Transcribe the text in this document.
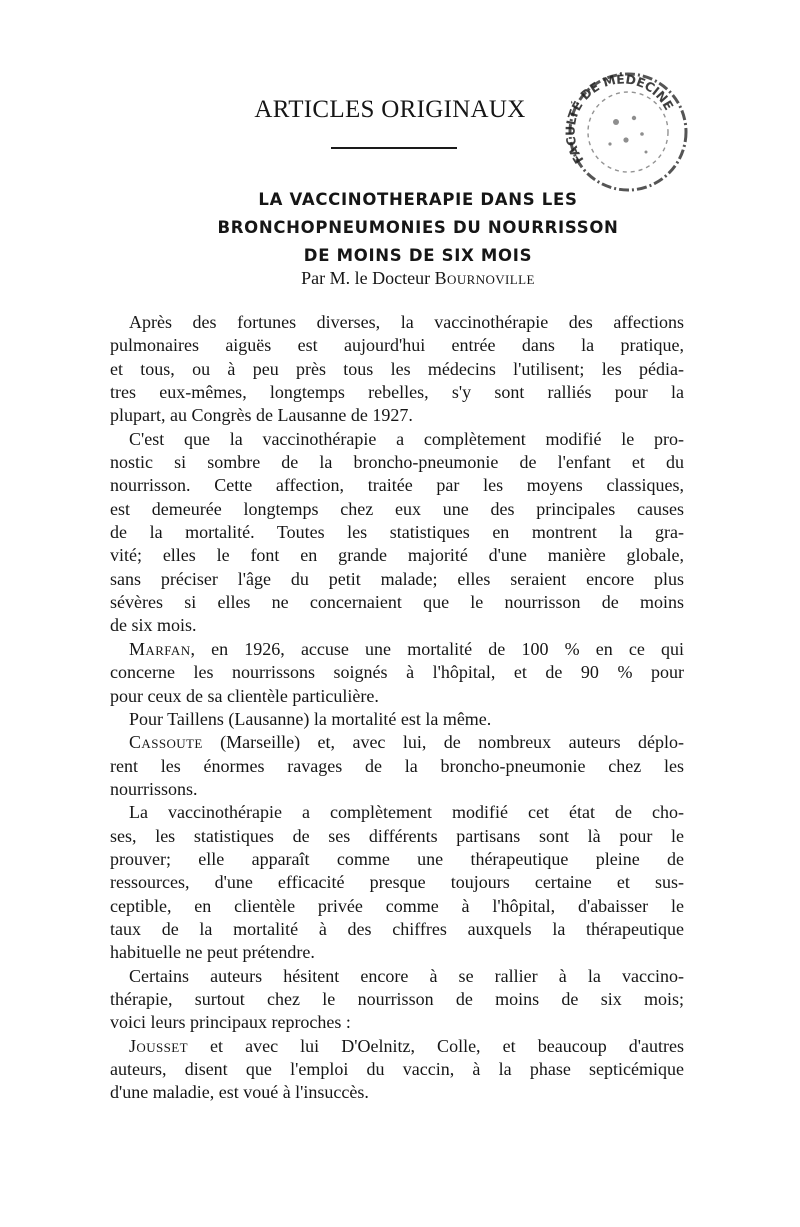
ARTICLES ORIGINAUX
FACULTÉ DE MÉDECINE
LA VACCINOTHERAPIE DANS LES
BRONCHOPNEUMONIES DU NOURRISSON
DE MOINS DE SIX MOIS
Par M. le Docteur Bournoville
Après des fortunes diverses, la vaccinothérapie des affections
pulmonaires aiguës est aujourd'hui entrée dans la pratique,
et tous, ou à peu près tous les médecins l'utilisent; les pédia-
tres eux-mêmes, longtemps rebelles, s'y sont ralliés pour la
plupart, au Congrès de Lausanne de 1927.
C'est que la vaccinothérapie a complètement modifié le pro-
nostic si sombre de la broncho-pneumonie de l'enfant et du
nourrisson. Cette affection, traitée par les moyens classiques,
est demeurée longtemps chez eux une des principales causes
de la mortalité. Toutes les statistiques en montrent la gra-
vité; elles le font en grande majorité d'une manière globale,
sans préciser l'âge du petit malade; elles seraient encore plus
sévères si elles ne concernaient que le nourrisson de moins
de six mois.
Marfan, en 1926, accuse une mortalité de 100 % en ce qui
concerne les nourrissons soignés à l'hôpital, et de 90 % pour
pour ceux de sa clientèle particulière.
Pour Taillens (Lausanne) la mortalité est la même.
Cassoute (Marseille) et, avec lui, de nombreux auteurs déplo-
rent les énormes ravages de la broncho-pneumonie chez les
nourrissons.
La vaccinothérapie a complètement modifié cet état de cho-
ses, les statistiques de ses différents partisans sont là pour le
prouver; elle apparaît comme une thérapeutique pleine de
ressources, d'une efficacité presque toujours certaine et sus-
ceptible, en clientèle privée comme à l'hôpital, d'abaisser le
taux de la mortalité à des chiffres auxquels la thérapeutique
habituelle ne peut prétendre.
Certains auteurs hésitent encore à se rallier à la vaccino-
thérapie, surtout chez le nourrisson de moins de six mois;
voici leurs principaux reproches :
Jousset et avec lui D'Oelnitz, Colle, et beaucoup d'autres
auteurs, disent que l'emploi du vaccin, à la phase septicémique
d'une maladie, est voué à l'insuccès.
